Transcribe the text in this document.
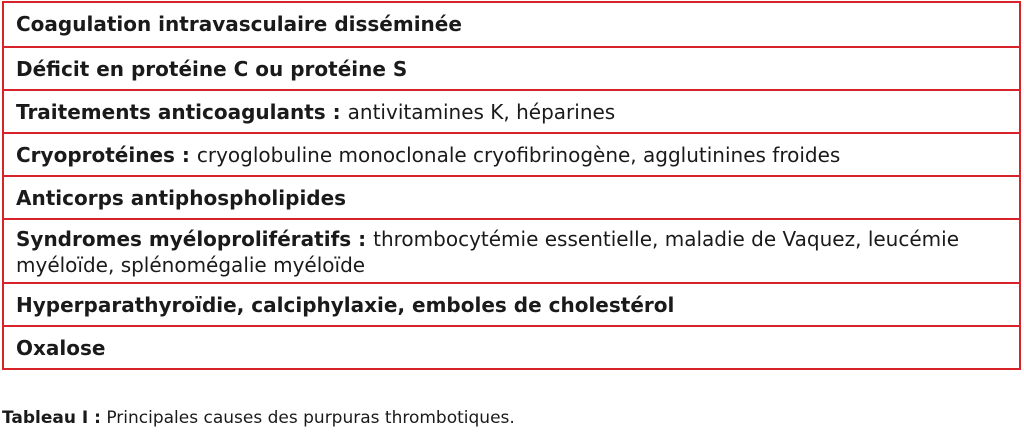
Coagulation intravasculaire disséminée
Déficit en protéine C ou protéine S
Traitements anticoagulants : antivitamines K, héparines
Cryoprotéines : cryoglobuline monoclonale cryofibrinogène, agglutinines froides
Anticorps antiphospholipides
Syndromes myéloprolifératifs : thrombocytémie essentielle, maladie de Vaquez, leucémie myéloïde, splénomégalie myéloïde
Hyperparathyroïdie, calciphylaxie, emboles de cholestérol
Oxalose
Tableau I : Principales causes des purpuras thrombotiques.
